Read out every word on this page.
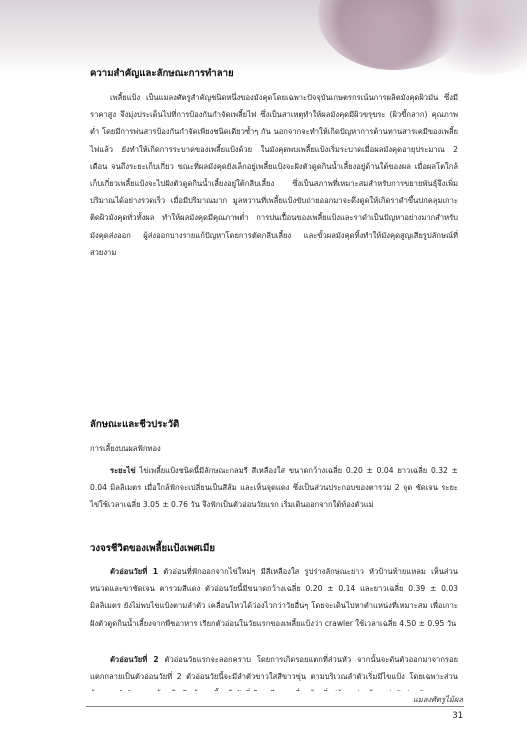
ความสำคัญและลักษณะการทำลาย
เพลี้ยแป้ง เป็นแมลงศัตรูสำคัญชนิดหนึ่งของมังคุดโดยเฉพาะปัจจุบันเกษตรกรเน้นการผลิตมังคุดผิวมัน ซึ่งมีราคาสูง จึงมุ่งประเด็นไปที่การป้องกันกำจัดเพลี้ยไฟ ซึ่งเป็นสาเหตุทำให้ผลมังคุดมีผิวขรุขระ (ผิวขี้กลาก) คุณภาพต่ำ โดยมีการพ่นสารป้องกันกำจัดเพียงชนิดเดียวซ้ำๆ กัน นอกจากจะทำให้เกิดปัญหาการต้านทานสารเคมีของเพลี้ยไฟแล้ว ยังทำให้เกิดการระบาดของเพลี้ยแป้งด้วย ในมังคุดพบเพลี้ยแป้งเริ่มระบาดเมื่อผลมังคุดอายุประมาณ 2 เดือน จนถึงระยะเก็บเกี่ยว ขณะที่ผลมังคุดยังเล็กอยู่เพลี้ยแป้งจะฝังตัวดูดกินน้ำเลี้ยงอยู่ด้านใต้ของผล เมื่อผลโตใกล้เก็บเกี่ยวเพลี้ยแป้งจะไปฝังตัวดูดกินน้ำเลี้ยงอยู่ใต้กลีบเลี้ยง ซึ่งเป็นสภาพที่เหมาะสมสำหรับการขยายพันธุ์จึงเพิ่มปริมาณได้อย่างรวดเร็ว เมื่อมีปริมาณมาก มูลหวานที่เพลี้ยแป้งขับถ่ายออกมาจะดึงดูดให้เกิดราดำขึ้นปกคลุมเกาะติดผิวมังคุดทั่วทั้งผล ทำให้ผลมังคุดมีคุณภาพต่ำ การปนเปื้อนของเพลี้ยแป้งและราดำเป็นปัญหาอย่างมากสำหรับมังคุดส่งออก ผู้ส่งออกบางรายแก้ปัญหาโดยการตัดกลีบเลี้ยง และขั้วผลมังคุดทิ้งทำให้มังคุดสูญเสียรูปลักษณ์ที่สวยงาม
ลักษณะและชีวประวัติ
การเลี้ยงบนผลฟักทอง
ระยะไข่ ไข่เพลี้ยแป้งชนิดนี้มีลักษณะกลมรี สีเหลืองใส ขนาดกว้างเฉลี่ย 0.20 ± 0.04 ยาวเฉลี่ย 0.32 ± 0.04 มิลลิเมตร เมื่อใกล้ฟักจะเปลี่ยนเป็นสีส้ม และเห็นจุดแดง ซึ่งเป็นส่วนประกอบของตารวม 2 จุด ชัดเจน ระยะไข่ใช้เวลาเฉลี่ย 3.05 ± 0.76 วัน จึงฟักเป็นตัวอ่อนวัยแรก เริ่มเดินออกจากใต้ท้องตัวแม่
วงจรชีวิตของเพลี้ยแป้งเพศเมีย
ตัวอ่อนวัยที่ 1 ตัวอ่อนที่ฟักออกจากไข่ใหม่ๆ มีสีเหลืองใส รูปร่างลักษณะยาว หัวป้านท้ายแหลม เห็นส่วนหนวดและขาชัดเจน ตารวมสีแดง ตัวอ่อนวัยนี้มีขนาดกว้างเฉลี่ย 0.20 ± 0.14 และยาวเฉลี่ย 0.39 ± 0.03 มิลลิเมตร ยังไม่พบไขแป้งตามลำตัว เคลื่อนไหวได้ว่องไวกว่าวัยอื่นๆ โดยจะเดินไปหาตำแหน่งที่เหมาะสม เพื่อเกาะฝังตัวดูดกินน้ำเลี้ยงจากพืชอาหาร เรียกตัวอ่อนในวัยแรกของเพลี้ยแป้งว่า crawler ใช้เวลาเฉลี่ย 4.50 ± 0.95 วัน
ตัวอ่อนวัยที่ 2 ตัวอ่อนวัยแรกจะลอกคราบ โดยการเกิดรอยแตกที่ส่วนหัว จากนั้นจะดันตัวออกมาจากรอยแตกกลายเป็นตัวอ่อนวัยที่ 2 ตัวอ่อนวัยนี้จะมีลำตัวขาวใสสีขาวขุ่น ตามบริเวณลำตัวเริ่มมีไขแป้ง โดยเฉพาะส่วน
แมลงศัตรูไม้ผล
31
